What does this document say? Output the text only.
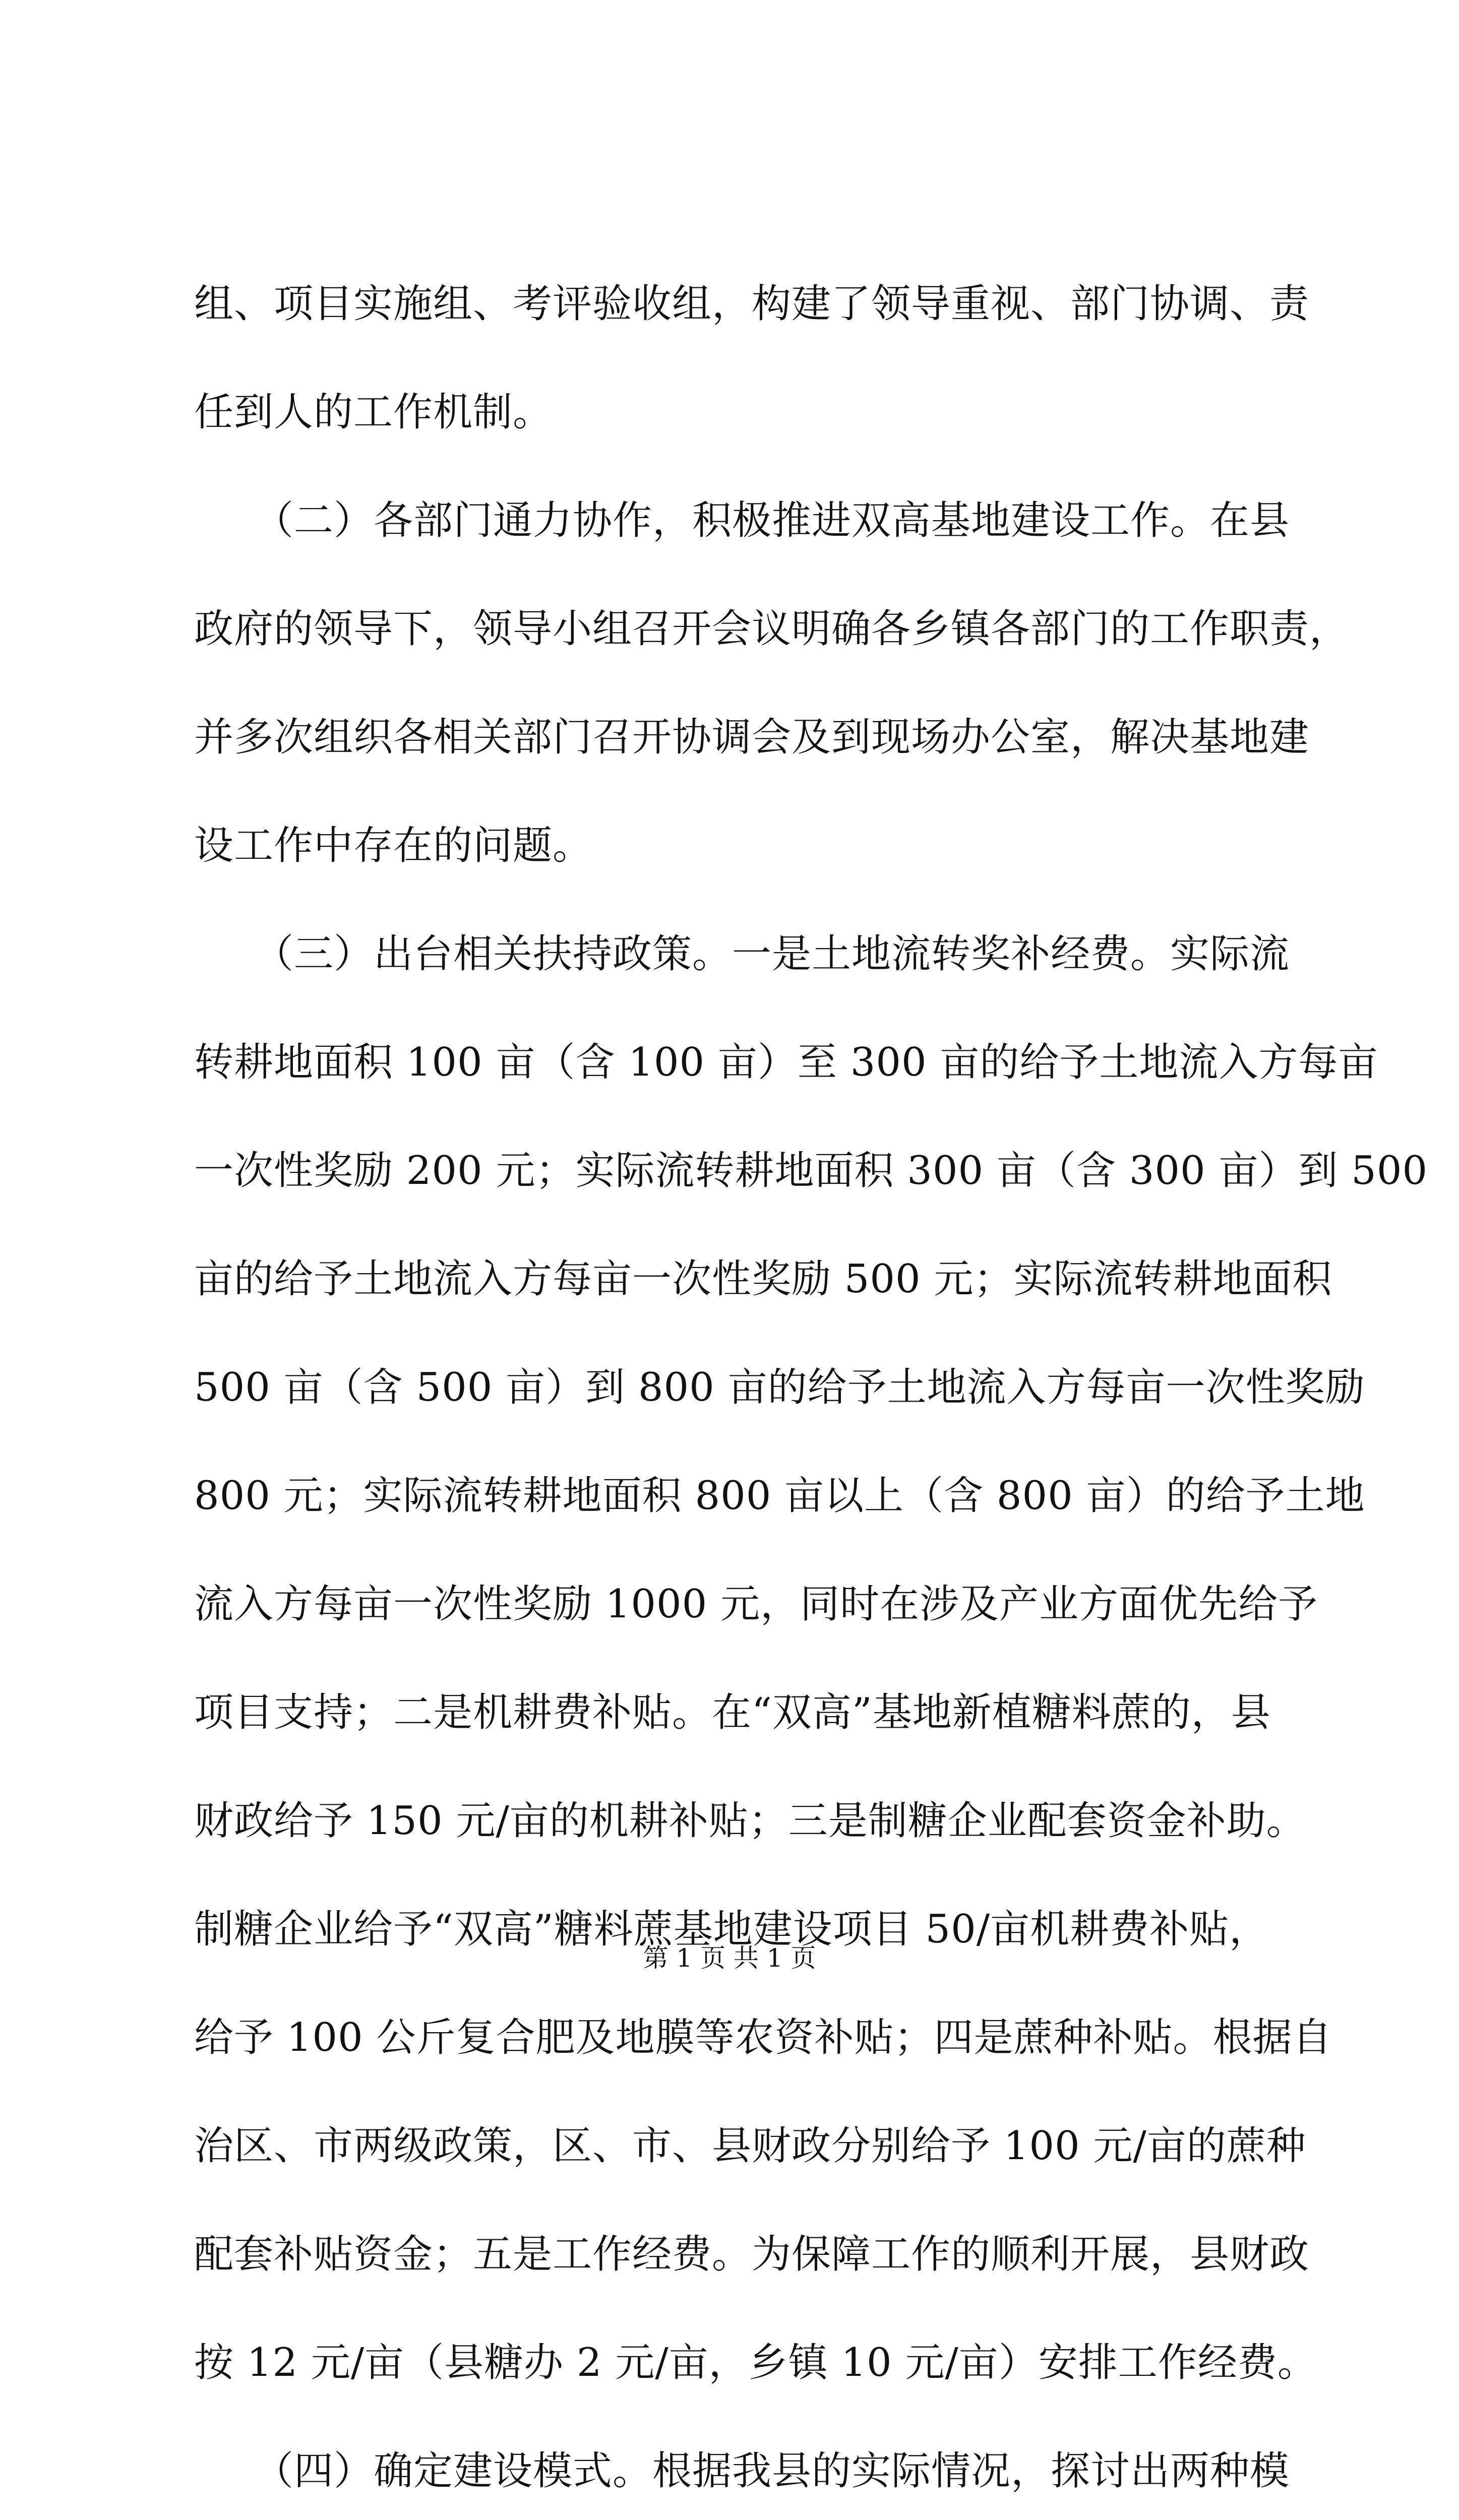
组、项目实施组、考评验收组，构建了领导重视、部门协调、责
任到人的工作机制。
　　（二）各部门通力协作，积极推进双高基地建设工作。在县
政府的领导下，领导小组召开会议明确各乡镇各部门的工作职责，
并多次组织各相关部门召开协调会及到现场办公室，解决基地建
设工作中存在的问题。
　　（三）出台相关扶持政策。一是土地流转奖补经费。实际流
转耕地面积 100 亩（含 100 亩）至 300 亩的给予土地流入方每亩
一次性奖励 200 元；实际流转耕地面积 300 亩（含 300 亩）到 500
亩的给予土地流入方每亩一次性奖励 500 元；实际流转耕地面积
500 亩（含 500 亩）到 800 亩的给予土地流入方每亩一次性奖励
800 元；实际流转耕地面积 800 亩以上（含 800 亩）的给予土地
流入方每亩一次性奖励 1000 元，同时在涉及产业方面优先给予
项目支持；二是机耕费补贴。在“双高”基地新植糖料蔗的，县
财政给予 150 元/亩的机耕补贴；三是制糖企业配套资金补助。
制糖企业给予“双高”糖料蔗基地建设项目 50/亩机耕费补贴，
给予 100 公斤复合肥及地膜等农资补贴；四是蔗种补贴。根据自
治区、市两级政策，区、市、县财政分别给予 100 元/亩的蔗种
配套补贴资金；五是工作经费。为保障工作的顺利开展，县财政
按 12 元/亩（县糖办 2 元/亩，乡镇 10 元/亩）安排工作经费。
　　（四）确定建设模式。根据我县的实际情况，探讨出两种模
第 1 页 共 1 页
